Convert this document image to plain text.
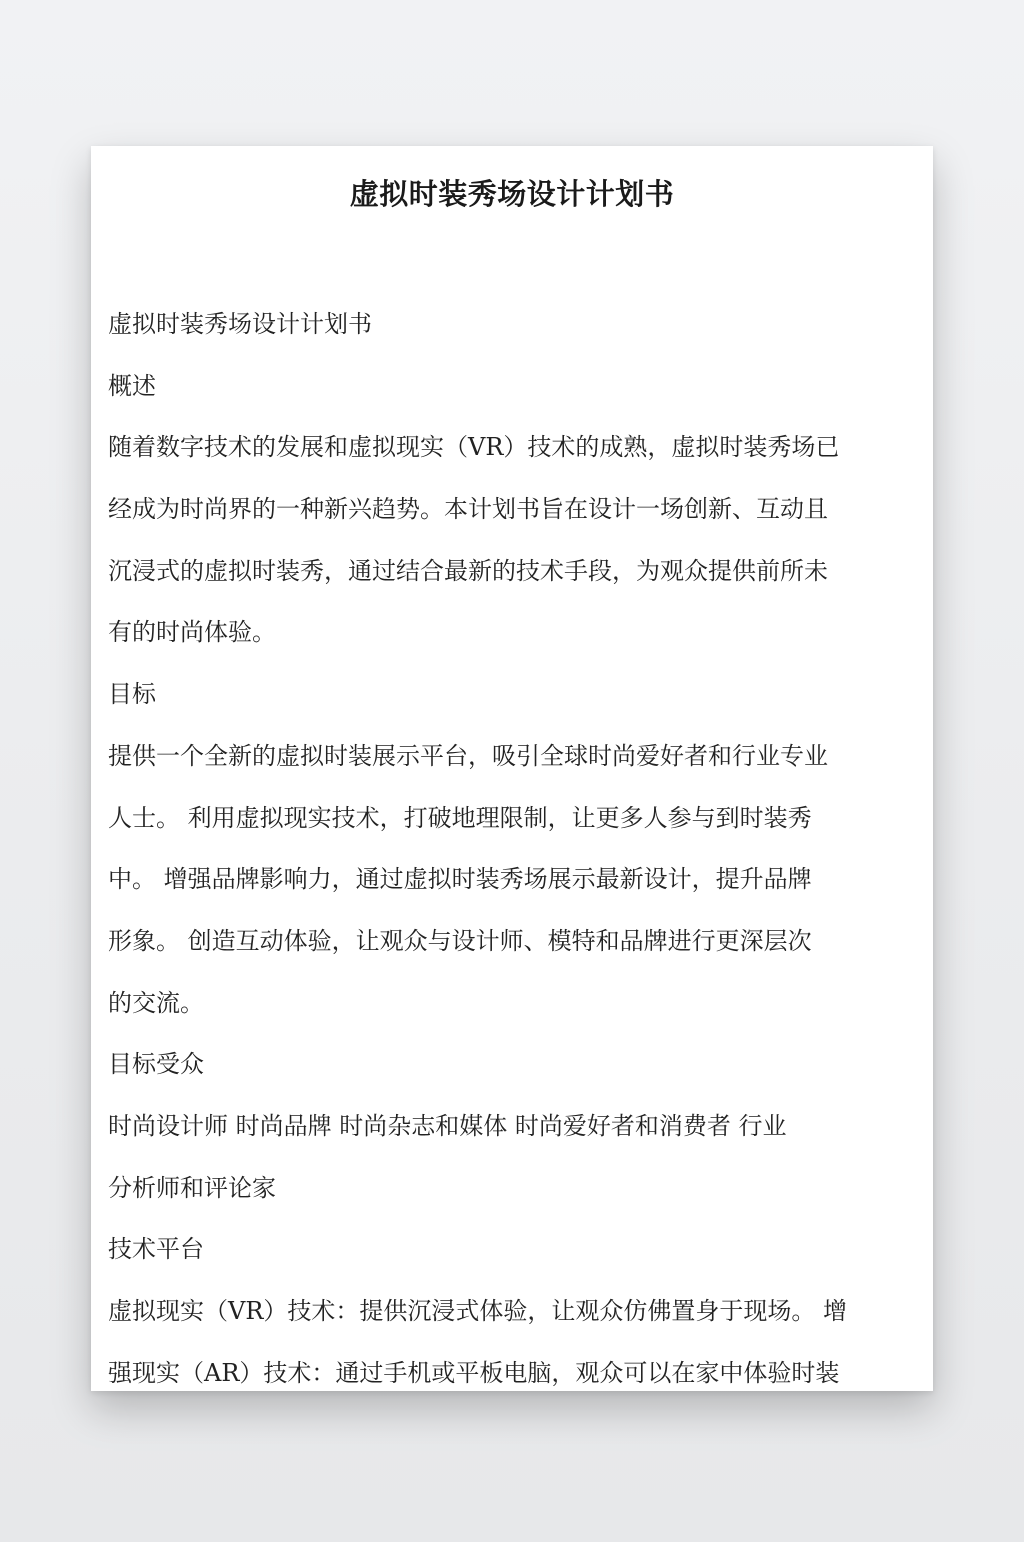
虚拟时装秀场设计计划书
虚拟时装秀场设计计划书
概述
随着数字技术的发展和虚拟现实（VR）技术的成熟，虚拟时装秀场已
经成为时尚界的一种新兴趋势。本计划书旨在设计一场创新、互动且
沉浸式的虚拟时装秀，通过结合最新的技术手段，为观众提供前所未
有的时尚体验。
目标
提供一个全新的虚拟时装展示平台，吸引全球时尚爱好者和行业专业
人士。 利用虚拟现实技术，打破地理限制，让更多人参与到时装秀
中。 增强品牌影响力，通过虚拟时装秀场展示最新设计，提升品牌
形象。 创造互动体验，让观众与设计师、模特和品牌进行更深层次
的交流。
目标受众
时尚设计师 时尚品牌 时尚杂志和媒体 时尚爱好者和消费者 行业
分析师和评论家
技术平台
虚拟现实（VR）技术：提供沉浸式体验，让观众仿佛置身于现场。 增
强现实（AR）技术：通过手机或平板电脑，观众可以在家中体验时装
